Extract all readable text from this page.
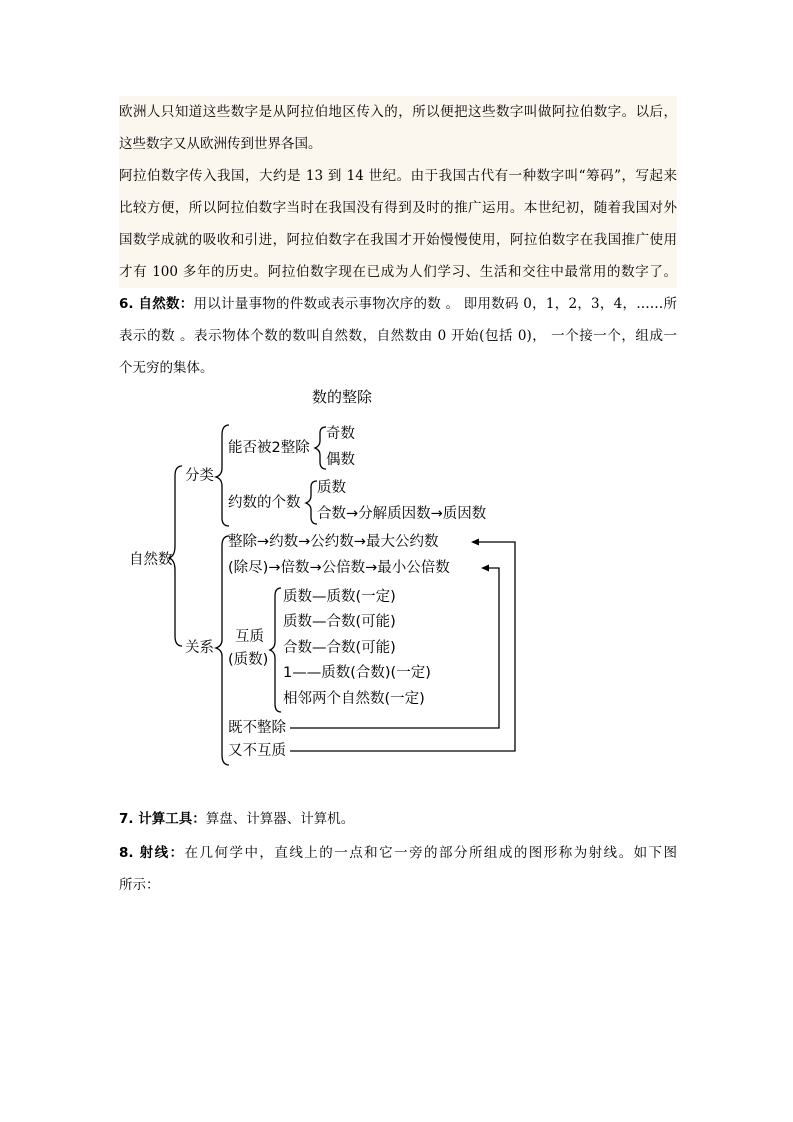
欧洲人只知道这些数字是从阿拉伯地区传入的，所以便把这些数字叫做阿拉伯数字。以后，
这些数字又从欧洲传到世界各国。
阿拉伯数字传入我国，大约是 13 到 14 世纪。由于我国古代有一种数字叫“筹码”，写起来
比较方便，所以阿拉伯数字当时在我国没有得到及时的推广运用。本世纪初，随着我国对外
国数学成就的吸收和引进，阿拉伯数字在我国才开始慢慢使用，阿拉伯数字在我国推广使用
才有 100 多年的历史。阿拉伯数字现在已成为人们学习、生活和交往中最常用的数字了。
6. 自然数：用以计量事物的件数或表示事物次序的数 。 即用数码 0，1，2，3，4，……所
表示的数 。表示物体个数的数叫自然数，自然数由 0 开始(包括 0)， 一个接一个，组成一
个无穷的集体。
数的整除
自然数
分类
关系
能否被2整除
奇数
偶数
约数的个数
质数
合数→分解质因数→质因数
整除→约数→公约数→最大公约数
(除尽)→倍数→公倍数→最小公倍数
互质
(质数)
质数—质数(一定)
质数—合数(可能)
合数—合数(可能)
1——质数(合数)(一定)
相邻两个自然数(一定)
既不整除
又不互质
7. 计算工具：算盘、计算器、计算机。
8. 射线：在几何学中，直线上的一点和它一旁的部分所组成的图形称为射线。如下图
所示：
